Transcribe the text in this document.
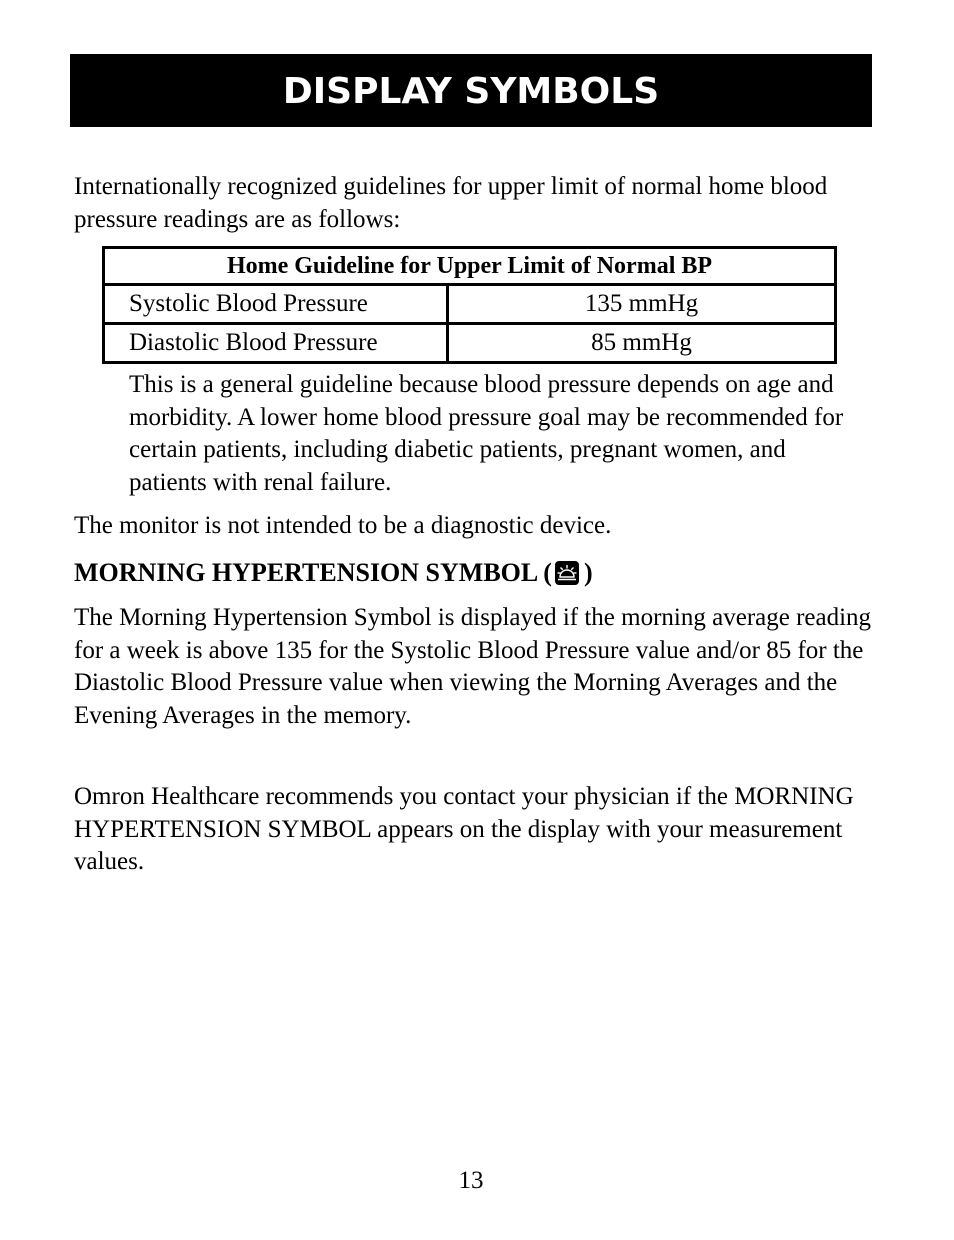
DISPLAY SYMBOLS

Internationally recognized guidelines for upper limit of normal home blood pressure readings are as follows:

Home Guideline for Upper Limit of Normal BP	
Systolic Blood Pressure	135 mmHg
Diastolic Blood Pressure	85 mmHg

This is a general guideline because blood pressure depends on age and morbidity. A lower home blood pressure goal may be recommended for certain patients, including diabetic patients, pregnant women, and patients with renal failure.

The monitor is not intended to be a diagnostic device.

MORNING HYPERTENSION SYMBOL ( )

The Morning Hypertension Symbol is displayed if the morning average reading for a week is above 135 for the Systolic Blood Pressure value and/or 85 for the Diastolic Blood Pressure value when viewing the Morning Averages and the Evening Averages in the memory.

Omron Healthcare recommends you contact your physician if the MORNING HYPERTENSION SYMBOL appears on the display with your measurement values.

13
